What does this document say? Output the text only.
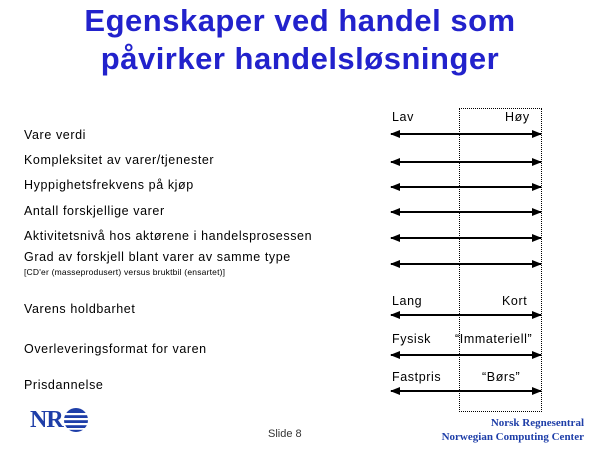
Egenskaper ved handel som
påvirker handelsløsninger
Lav	Høy
Vare verdi
Kompleksitet av varer/tjenester
Hyppighetsfrekvens på kjøp
Antall forskjellige varer
Aktivitetsnivå hos aktørene i handelsprosessen
Grad av forskjell blant varer av samme type
[CD'er (masseprodusert) versus bruktbil (ensartet)]
Lang	Kort
Varens holdbarhet
Fysisk “Immateriell”
Overleveringsformat for varen
Fastpris	“Børs”
Prisdannelse
NR
Slide 8
Norsk Regnesentral
Norwegian Computing Center
